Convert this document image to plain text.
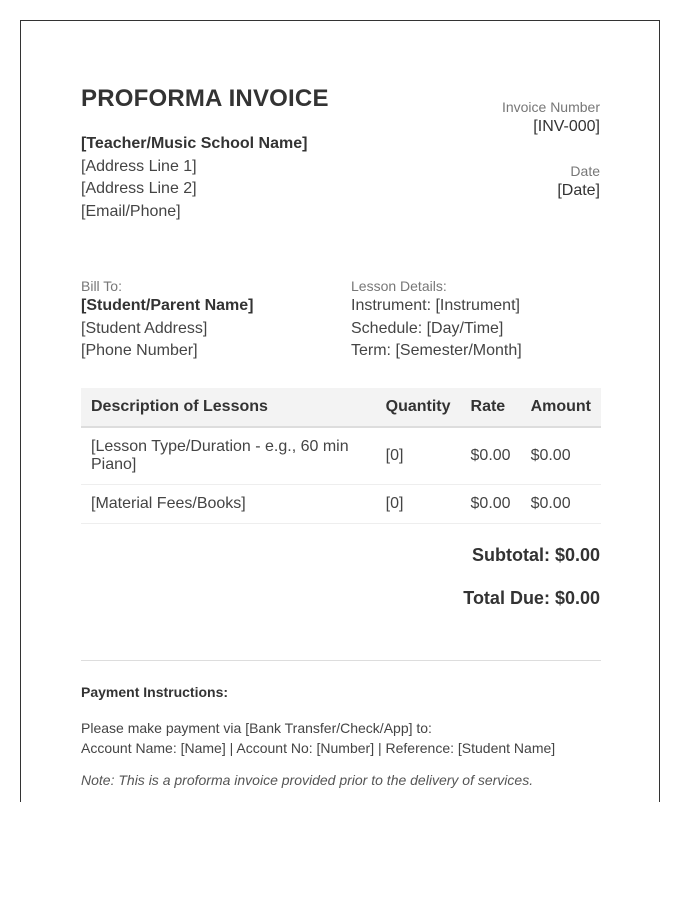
PROFORMA INVOICE
[Teacher/Music School Name]
[Address Line 1]
[Address Line 2]
[Email/Phone]
Invoice Number
[INV-000]
Date
[Date]
Bill To:
[Student/Parent Name]
[Student Address]
[Phone Number]
Lesson Details:
Instrument: [Instrument]
Schedule: [Day/Time]
Term: [Semester/Month]
Description of Lessons	Quantity	Rate	Amount
[Lesson Type/Duration - e.g., 60 min Piano]	[0]	$0.00	$0.00
[Material Fees/Books]	[0]	$0.00	$0.00
Subtotal: $0.00
Total Due: $0.00
Payment Instructions:
Please make payment via [Bank Transfer/Check/App] to:
Account Name: [Name] | Account No: [Number] | Reference: [Student Name]
Note: This is a proforma invoice provided prior to the delivery of services.
